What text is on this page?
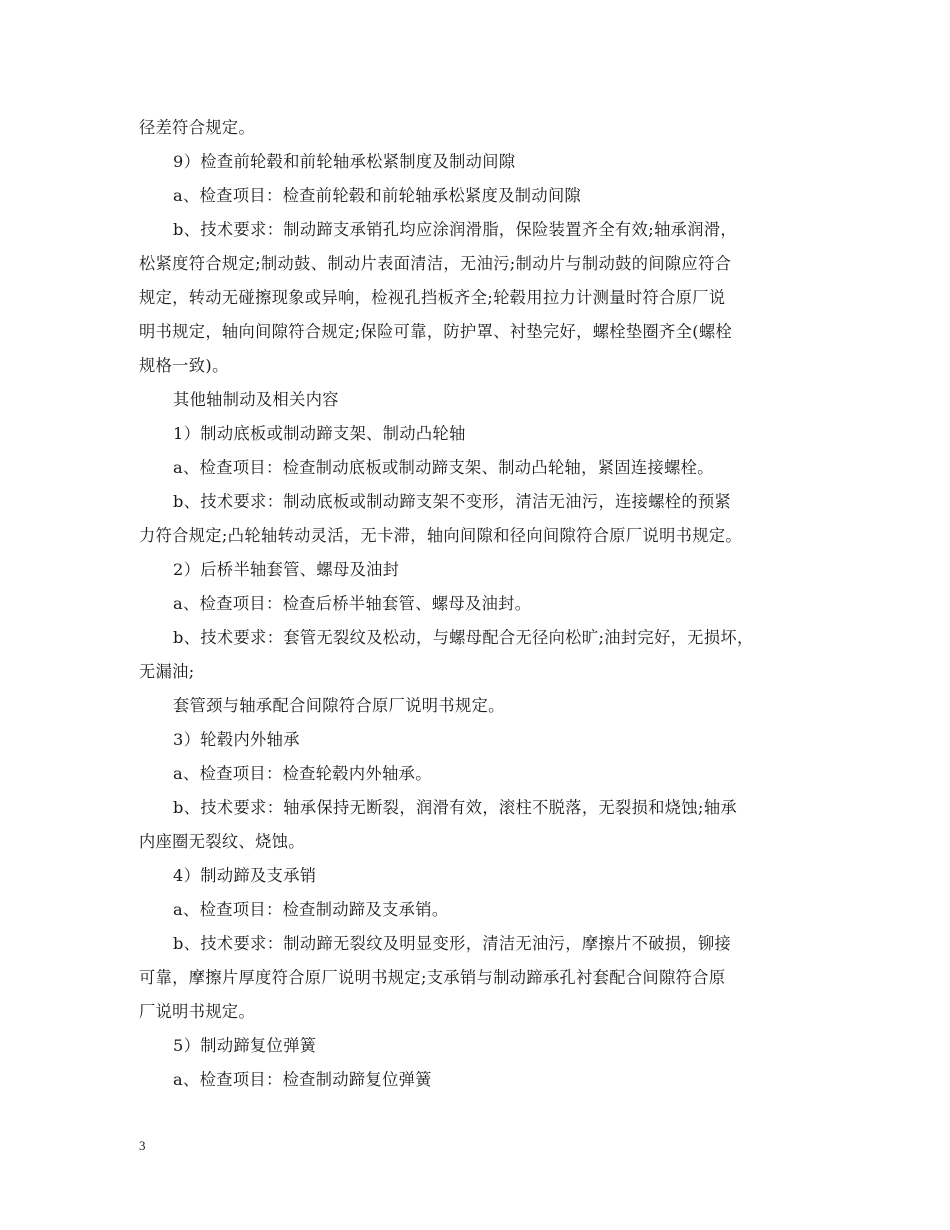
径差符合规定。
9）检查前轮毂和前轮轴承松紧制度及制动间隙
a、检查项目：检查前轮毂和前轮轴承松紧度及制动间隙
b、技术要求：制动蹄支承销孔均应涂润滑脂，保险装置齐全有效;轴承润滑，
松紧度符合规定;制动鼓、制动片表面清洁，无油污;制动片与制动鼓的间隙应符合
规定，转动无碰擦现象或异响，检视孔挡板齐全;轮毂用拉力计测量时符合原厂说
明书规定，轴向间隙符合规定;保险可靠，防护罩、衬垫完好，螺栓垫圈齐全(螺栓
规格一致)。
其他轴制动及相关内容
1）制动底板或制动蹄支架、制动凸轮轴
a、检查项目：检查制动底板或制动蹄支架、制动凸轮轴，紧固连接螺栓。
b、技术要求：制动底板或制动蹄支架不变形，清洁无油污，连接螺栓的预紧
力符合规定;凸轮轴转动灵活，无卡滞，轴向间隙和径向间隙符合原厂说明书规定。
2）后桥半轴套管、螺母及油封
a、检查项目：检查后桥半轴套管、螺母及油封。
b、技术要求：套管无裂纹及松动，与螺母配合无径向松旷;油封完好，无损坏，
无漏油;
套管颈与轴承配合间隙符合原厂说明书规定。
3）轮毂内外轴承
a、检查项目：检查轮毂内外轴承。
b、技术要求：轴承保持无断裂，润滑有效，滚柱不脱落，无裂损和烧蚀;轴承
内座圈无裂纹、烧蚀。
4）制动蹄及支承销
a、检查项目：检查制动蹄及支承销。
b、技术要求：制动蹄无裂纹及明显变形，清洁无油污，摩擦片不破损，铆接
可靠，摩擦片厚度符合原厂说明书规定;支承销与制动蹄承孔衬套配合间隙符合原
厂说明书规定。
5）制动蹄复位弹簧
a、检查项目：检查制动蹄复位弹簧
3
